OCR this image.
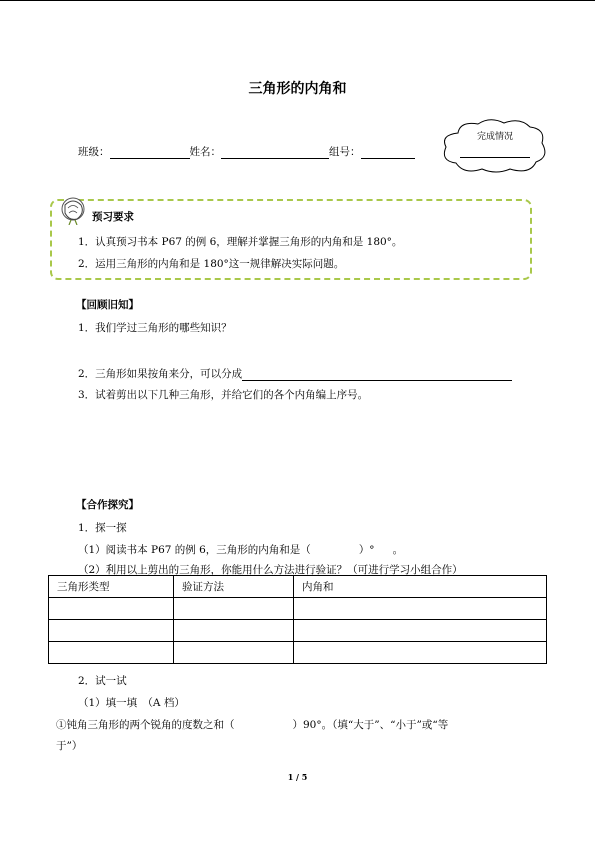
三角形的内角和
班级：	姓名：	组号：
完成情况
预习要求
1．认真预习书本 P67 的例 6，理解并掌握三角形的内角和是 180°。
2．运用三角形的内角和是 180°这一规律解决实际问题。
【回顾旧知】
1．我们学过三角形的哪些知识？
2．三角形如果按角来分，可以分成
3．试着剪出以下几种三角形，并给它们的各个内角编上序号。
【合作探究】
1．探一探
（1）阅读书本 P67 的例 6，三角形的内角和是（	）° 。
（2）利用以上剪出的三角形，你能用什么方法进行验证？（可进行学习小组合作）
三角形类型	验证方法	内角和

2．试一试
（1）填一填　（A 档）
①钝角三角形的两个锐角的度数之和（	）90°。（填“大于”、“小于”或“等
于”）
1 / 5
